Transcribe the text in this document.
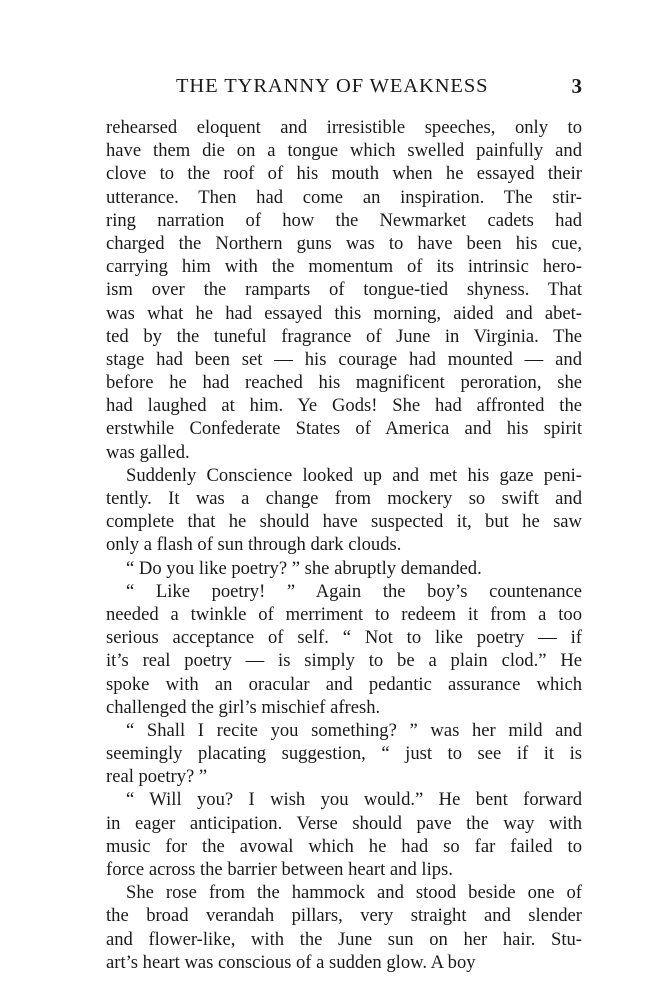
THE TYRANNY OF WEAKNESS	3
rehearsed eloquent and irresistible speeches, only to
have them die on a tongue which swelled painfully and
clove to the roof of his mouth when he essayed their
utterance. Then had come an inspiration. The stir-
ring narration of how the Newmarket cadets had
charged the Northern guns was to have been his cue,
carrying him with the momentum of its intrinsic hero-
ism over the ramparts of tongue-tied shyness. That
was what he had essayed this morning, aided and abet-
ted by the tuneful fragrance of June in Virginia. The
stage had been set — his courage had mounted — and
before he had reached his magnificent peroration, she
had laughed at him. Ye Gods! She had affronted the
erstwhile Confederate States of America and his spirit
was galled.
Suddenly Conscience looked up and met his gaze peni-
tently. It was a change from mockery so swift and
complete that he should have suspected it, but he saw
only a flash of sun through dark clouds.
“ Do you like poetry? ” she abruptly demanded.
“ Like poetry! ” Again the boy’s countenance
needed a twinkle of merriment to redeem it from a too
serious acceptance of self. “ Not to like poetry — if
it’s real poetry — is simply to be a plain clod.” He
spoke with an oracular and pedantic assurance which
challenged the girl’s mischief afresh.
“ Shall I recite you something? ” was her mild and
seemingly placating suggestion, “ just to see if it is
real poetry? ”
“ Will you? I wish you would.” He bent forward
in eager anticipation. Verse should pave the way with
music for the avowal which he had so far failed to
force across the barrier between heart and lips.
She rose from the hammock and stood beside one of
the broad verandah pillars, very straight and slender
and flower-like, with the June sun on her hair. Stu-
art’s heart was conscious of a sudden glow. A boy
